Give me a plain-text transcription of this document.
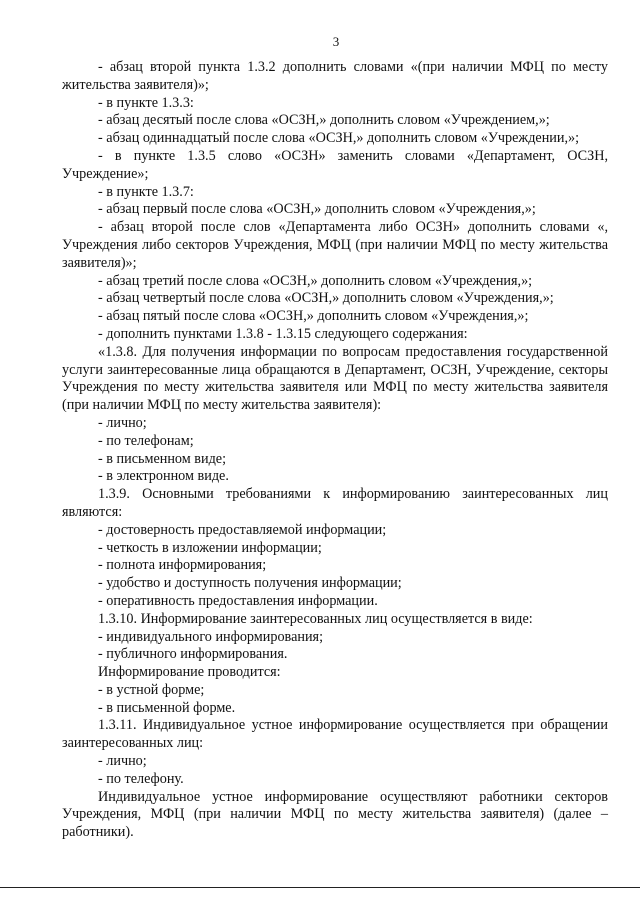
3

- абзац второй пункта 1.3.2 дополнить словами «(при наличии МФЦ по месту жительства заявителя)»;

- в пункте 1.3.3:

- абзац десятый после слова «ОСЗН,» дополнить словом «Учреждением,»;

- абзац одиннадцатый после слова «ОСЗН,» дополнить словом «Учреждении,»;

- в пункте 1.3.5 слово «ОСЗН» заменить словами «Департамент, ОСЗН, Учреждение»;

- в пункте 1.3.7:

- абзац первый после слова «ОСЗН,» дополнить словом «Учреждения,»;

- абзац второй после слов «Департамента либо ОСЗН» дополнить словами «, Учреждения либо секторов Учреждения, МФЦ (при наличии МФЦ по месту жительства заявителя)»;

- абзац третий после слова «ОСЗН,» дополнить словом «Учреждения,»;

- абзац четвертый после слова «ОСЗН,» дополнить словом «Учреждения,»;

- абзац пятый после слова «ОСЗН,» дополнить словом «Учреждения,»;

- дополнить пунктами 1.3.8 - 1.3.15 следующего содержания:

«1.3.8. Для получения информации по вопросам предоставления государственной услуги заинтересованные лица обращаются в Департамент, ОСЗН, Учреждение, секторы Учреждения по месту жительства заявителя или МФЦ по месту жительства заявителя (при наличии МФЦ по месту жительства заявителя):

- лично;

- по телефонам;

- в письменном виде;

- в электронном виде.

1.3.9. Основными требованиями к информированию заинтересованных лиц являются:

- достоверность предоставляемой информации;

- четкость в изложении информации;

- полнота информирования;

- удобство и доступность получения информации;

- оперативность предоставления информации.

1.3.10. Информирование заинтересованных лиц осуществляется в виде:

- индивидуального информирования;

- публичного информирования.

Информирование проводится:

- в устной форме;

- в письменной форме.

1.3.11. Индивидуальное устное информирование осуществляется при обращении заинтересованных лиц:

- лично;

- по телефону.

Индивидуальное устное информирование осуществляют работники секторов Учреждения, МФЦ (при наличии МФЦ по месту жительства заявителя) (далее – работники).
